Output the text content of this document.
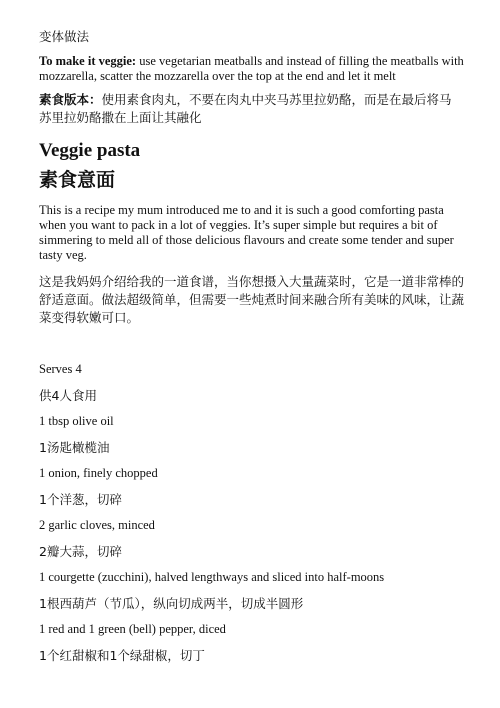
变体做法

To make it veggie: use vegetarian meatballs and instead of filling the meatballs with mozzarella, scatter the mozzarella over the top at the end and let it melt

素食版本：使用素食肉丸，不要在肉丸中夹马苏里拉奶酪，而是在最后将马苏里拉奶酪撒在上面让其融化

Veggie pasta

素食意面

This is a recipe my mum introduced me to and it is such a good comforting pasta when you want to pack in a lot of veggies. It’s super simple but requires a bit of simmering to meld all of those delicious flavours and create some tender and super tasty veg.

这是我妈妈介绍给我的一道食谱，当你想摄入大量蔬菜时，它是一道非常棒的舒适意面。做法超级简单，但需要一些炖煮时间来融合所有美味的风味，让蔬菜变得软嫩可口。

Serves 4

供4人食用

1 tbsp olive oil

1汤匙橄榄油

1 onion, finely chopped

1个洋葱，切碎

2 garlic cloves, minced

2瓣大蒜，切碎

1 courgette (zucchini), halved lengthways and sliced into half-moons

1根西葫芦（节瓜），纵向切成两半，切成半圆形

1 red and 1 green (bell) pepper, diced

1个红甜椒和1个绿甜椒，切丁
